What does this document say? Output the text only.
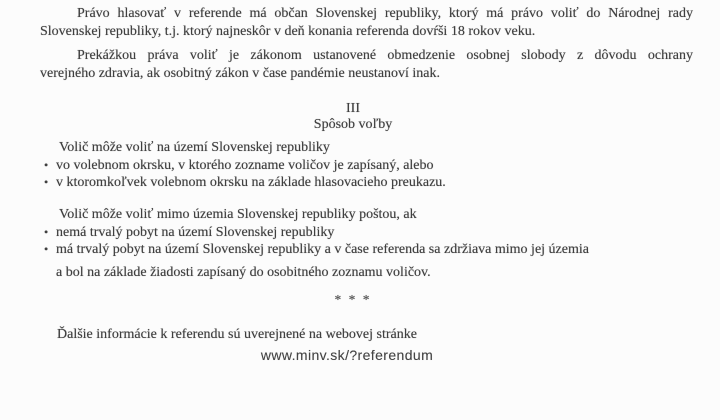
Právo hlasovať v referende má občan Slovenskej republiky, ktorý má právo voliť do Národnej rady
Slovenskej republiky, t.j. ktorý najneskôr v deň konania referenda dovŕši 18 rokov veku.
Prekážkou práva voliť je zákonom ustanovené obmedzenie osobnej slobody z dôvodu ochrany
verejného zdravia, ak osobitný zákon v čase pandémie neustanoví inak.
III
Spôsob voľby
Volič môže voliť na území Slovenskej republiky
• vo volebnom okrsku, v ktorého zozname voličov je zapísaný, alebo
• v ktoromkoľvek volebnom okrsku na základe hlasovacieho preukazu.
Volič môže voliť mimo územia Slovenskej republiky poštou, ak
• nemá trvalý pobyt na území Slovenskej republiky
• má trvalý pobyt na území Slovenskej republiky a v čase referenda sa zdržiava mimo jej územia
a bol na základe žiadosti zapísaný do osobitného zoznamu voličov.
* * *
Ďalšie informácie k referendu sú uverejnené na webovej stránke
www.minv.sk/?referendum
